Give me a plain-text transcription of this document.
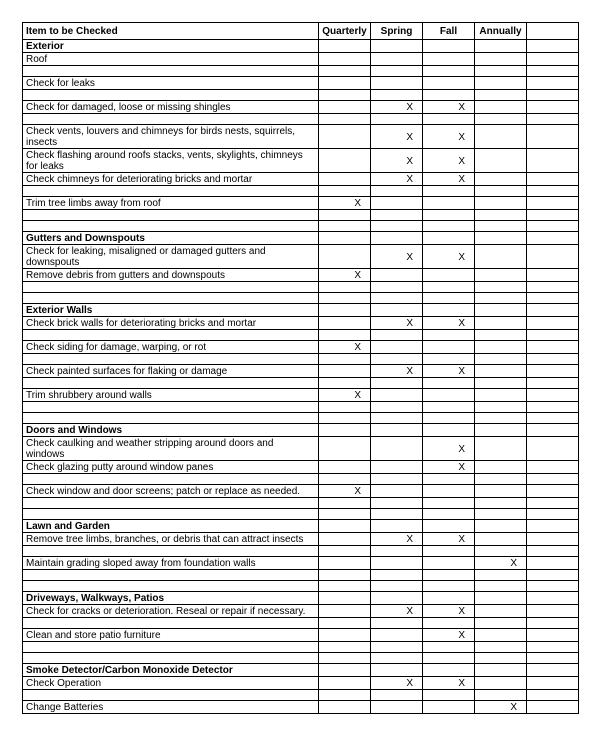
Item to be Checked	Quarterly	Spring	Fall	Annually	
Exterior					
Roof					

Check for leaks					

Check for damaged, loose or missing shingles		X	X		

Check vents, louvers and chimneys for birds nests, squirrels, insects		X	X		
Check flashing around roofs stacks, vents, skylights, chimneys for leaks		X	X		
Check chimneys for deteriorating bricks and mortar		X	X		

Trim tree limbs away from roof	X				

Gutters and Downspouts					
Check for leaking, misaligned or damaged gutters and downspouts		X	X		
Remove debris from gutters and downspouts	X				

Exterior Walls					
Check brick walls for deteriorating bricks and mortar		X	X		

Check siding for damage, warping, or rot	X				

Check painted surfaces for flaking or damage		X	X		

Trim shrubbery around walls	X				

Doors and Windows					
Check caulking and weather stripping around doors and windows			X		
Check glazing putty around window panes			X		

Check window and door screens; patch or replace as needed.	X				

Lawn and Garden					
Remove tree limbs, branches, or debris that can attract insects		X	X		

Maintain grading sloped away from foundation walls				X	

Driveways, Walkways, Patios					
Check for cracks or deterioration. Reseal or repair if necessary.		X	X		

Clean and store patio furniture			X		

Smoke Detector/Carbon Monoxide Detector					
Check Operation		X	X		

Change Batteries				X	
